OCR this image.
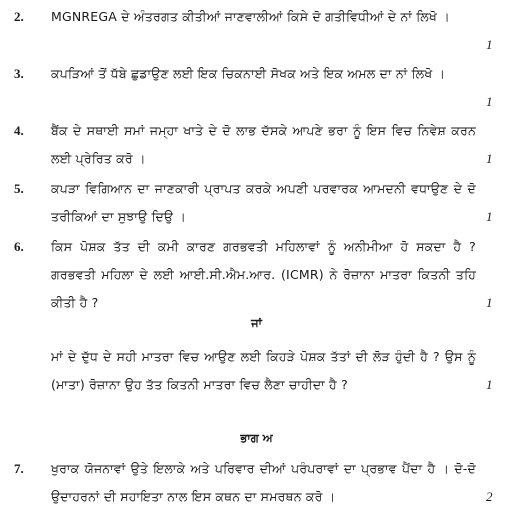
2. MGNREGA ਦੇ ਅੰਤਰਗਤ ਕੀਤੀਆਂ ਜਾਣਵਾਲੀਆਂ ਕਿਸੇ ਦੋ ਗਤੀਵਿਧੀਆਂ ਦੇ ਨਾਂ ਲਿਖੋ ।
1
3. ਕਪੜਿਆਂ ਤੋਂ ਧੱਬੇ ਛੁਡਾਉਣ ਲਈ ਇਕ ਚਿਕਨਾਈ ਸੋਖਕ ਅਤੇ ਇਕ ਅਮਲ ਦਾ ਨਾਂ ਲਿਖੋ ।
1
4. ਬੈਂਕ ਦੇ ਸਥਾਈ ਸਮਾਂ ਜਮ੍ਹਾ ਖਾਤੇ ਦੇ ਦੋ ਲਾਭ ਦੱਸਕੇ ਆਪਣੇ ਭਰਾ ਨੂੰ ਇਸ ਵਿਚ ਨਿਵੇਸ਼ ਕਰਨ ਲਈ ਪ੍ਰੇਰਿਤ ਕਰੋ ।	1
5. ਕਪੜਾ ਵਿਗਿਆਨ ਦਾ ਜਾਣਕਾਰੀ ਪ੍ਰਾਪਤ ਕਰਕੇ ਅਪਣੀ ਪਰਵਾਰਕ ਆਮਦਨੀ ਵਧਾਉਣ ਦੇ ਦੋ ਤਰੀਕਿਆਂ ਦਾ ਸੁਝਾਉ ਦਿਉ ।	1
6. ਕਿਸ ਪੋਸ਼ਕ ਤੱਤ ਦੀ ਕਮੀ ਕਾਰਣ ਗਰਭਵਤੀ ਮਹਿਲਾਵਾਂ ਨੂੰ ਅਨੀਮੀਆ ਹੋ ਸਕਦਾ ਹੈ ? ਗਰਭਵਤੀ ਮਹਿਲਾ ਦੇ ਲਈ ਆਈ.ਸੀ.ਐਮ.ਆਰ. (ICMR) ਨੇ ਰੋਜ਼ਾਨਾ ਮਾਤਰਾ ਕਿਤਨੀ ਤਹਿ ਕੀਤੀ ਹੈ ?	1
ਜਾਂ
ਮਾਂ ਦੇ ਦੁੱਧ ਦੇ ਸਹੀ ਮਾਤਰਾ ਵਿਚ ਆਉਣ ਲਈ ਕਿਹੜੇ ਪੋਸ਼ਕ ਤੱਤਾਂ ਦੀ ਲੋੜ ਹੁੰਦੀ ਹੈ ? ਉਸ ਨੂੰ (ਮਾਤਾ) ਰੋਜ਼ਾਨਾ ਉਹ ਤੱਤ ਕਿਤਨੀ ਮਾਤਰਾ ਵਿਚ ਲੈਣਾ ਚਾਹੀਦਾ ਹੈ ?	1
ਭਾਗ ਅ
7. ਖੁਰਾਕ ਯੋਜਨਾਵਾਂ ਉਤੇ ਇਲਾਕੇ ਅਤੇ ਪਰਿਵਾਰ ਦੀਆਂ ਪਰੰਪਰਾਵਾਂ ਦਾ ਪ੍ਰਭਾਵ ਪੈਂਦਾ ਹੈ । ਦੋ-ਦੋ ਉਦਾਹਰਨਾਂ ਦੀ ਸਹਾਇਤਾ ਨਾਲ ਇਸ ਕਥਨ ਦਾ ਸਮਰਥਨ ਕਰੋ ।	2
